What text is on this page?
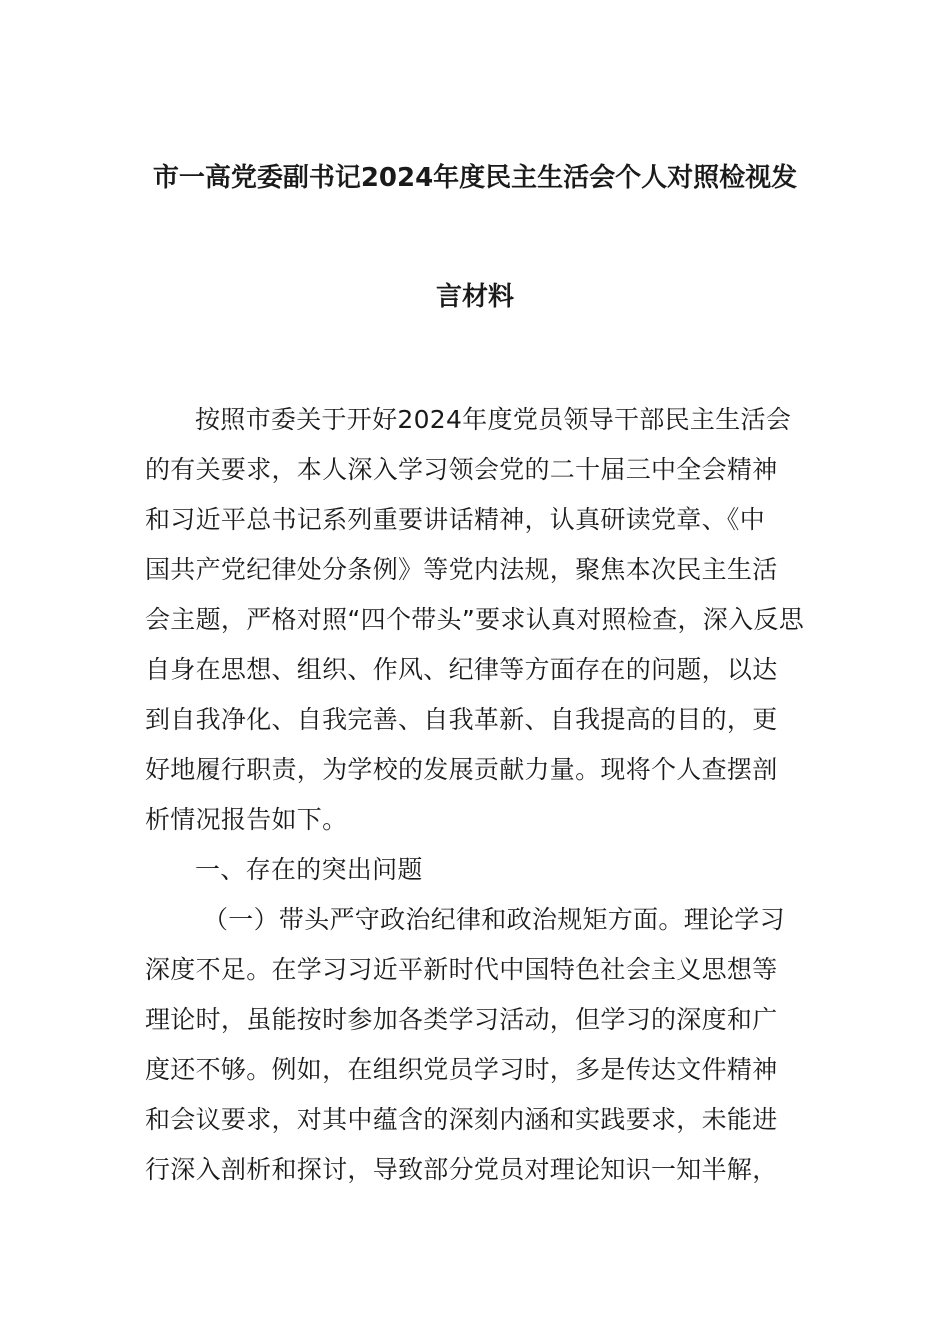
市一高党委副书记2024年度民主生活会个人对照检视发
言材料
按照市委关于开好2024年度党员领导干部民主生活会
的有关要求，本人深入学习领会党的二十届三中全会精神
和习近平总书记系列重要讲话精神，认真研读党章、《中
国共产党纪律处分条例》等党内法规，聚焦本次民主生活
会主题，严格对照“四个带头”要求认真对照检查，深入反思
自身在思想、组织、作风、纪律等方面存在的问题，以达
到自我净化、自我完善、自我革新、自我提高的目的，更
好地履行职责，为学校的发展贡献力量。现将个人查摆剖
析情况报告如下。
一、存在的突出问题
（一）带头严守政治纪律和政治规矩方面。理论学习
深度不足。在学习习近平新时代中国特色社会主义思想等
理论时，虽能按时参加各类学习活动，但学习的深度和广
度还不够。例如，在组织党员学习时，多是传达文件精神
和会议要求，对其中蕴含的深刻内涵和实践要求，未能进
行深入剖析和探讨，导致部分党员对理论知识一知半解，
